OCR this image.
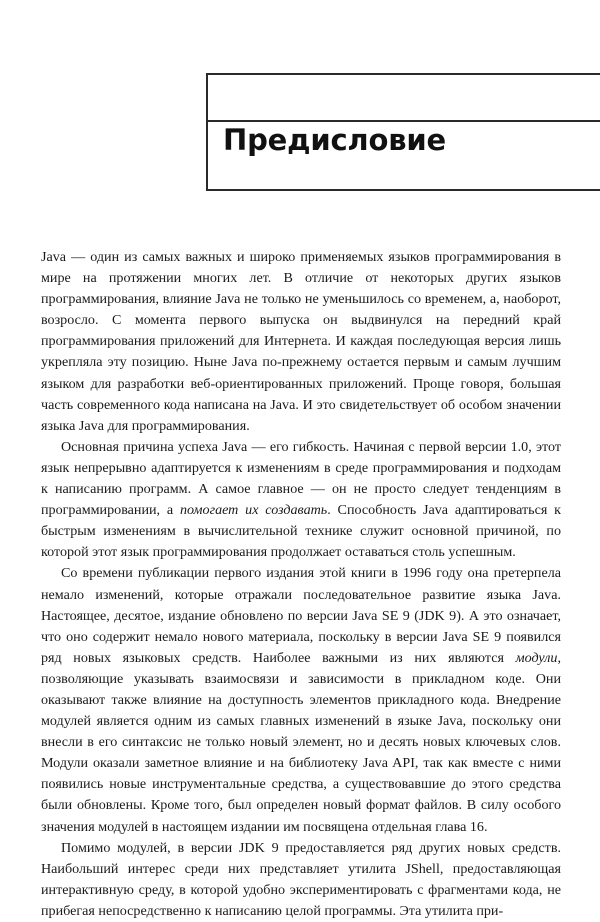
Предисловие

Java — один из самых важных и широко применяемых языков программирования в мире на протяжении многих лет. В отличие от некоторых других языков программирования, влияние Java не только не уменьшилось со временем, а, наоборот, возросло. С момента первого выпуска он выдвинулся на передний край программирования приложений для Интернета. И каждая последующая версия лишь укрепляла эту позицию. Ныне Java по-прежнему остается первым и самым лучшим языком для разработки веб-ориентированных приложений. Проще говоря, большая часть современного кода написана на Java. И это свидетельствует об особом значении языка Java для программирования.

Основная причина успеха Java — его гибкость. Начиная с первой версии 1.0, этот язык непрерывно адаптируется к изменениям в среде программирования и подходам к написанию программ. А самое главное — он не просто следует тенденциям в программировании, а помогает их создавать. Способность Java адаптироваться к быстрым изменениям в вычислительной технике служит основной причиной, по которой этот язык программирования продолжает оставаться столь успешным.

Со времени публикации первого издания этой книги в 1996 году она претерпела немало изменений, которые отражали последовательное развитие языка Java. Настоящее, десятое, издание обновлено по версии Java SE 9 (JDK 9). А это означает, что оно содержит немало нового материала, поскольку в версии Java SE 9 появился ряд новых языковых средств. Наиболее важными из них являются модули, позволяющие указывать взаимосвязи и зависимости в прикладном коде. Они оказывают также влияние на доступность элементов прикладного кода. Внедрение модулей является одним из самых главных изменений в языке Java, поскольку они внесли в его синтаксис не только новый элемент, но и десять новых ключевых слов. Модули оказали заметное влияние и на библиотеку Java API, так как вместе с ними появились новые инструментальные средства, а существовавшие до этого средства были обновлены. Кроме того, был определен новый формат файлов. В силу особого значения модулей в настоящем издании им посвящена отдельная глава 16.

Помимо модулей, в версии JDK 9 предоставляется ряд других новых средств. Наибольший интерес среди них представляет утилита JShell, предоставляющая интерактивную среду, в которой удобно экспериментировать с фрагментами кода, не прибегая непосредственно к написанию целой программы. Эта утилита при-
